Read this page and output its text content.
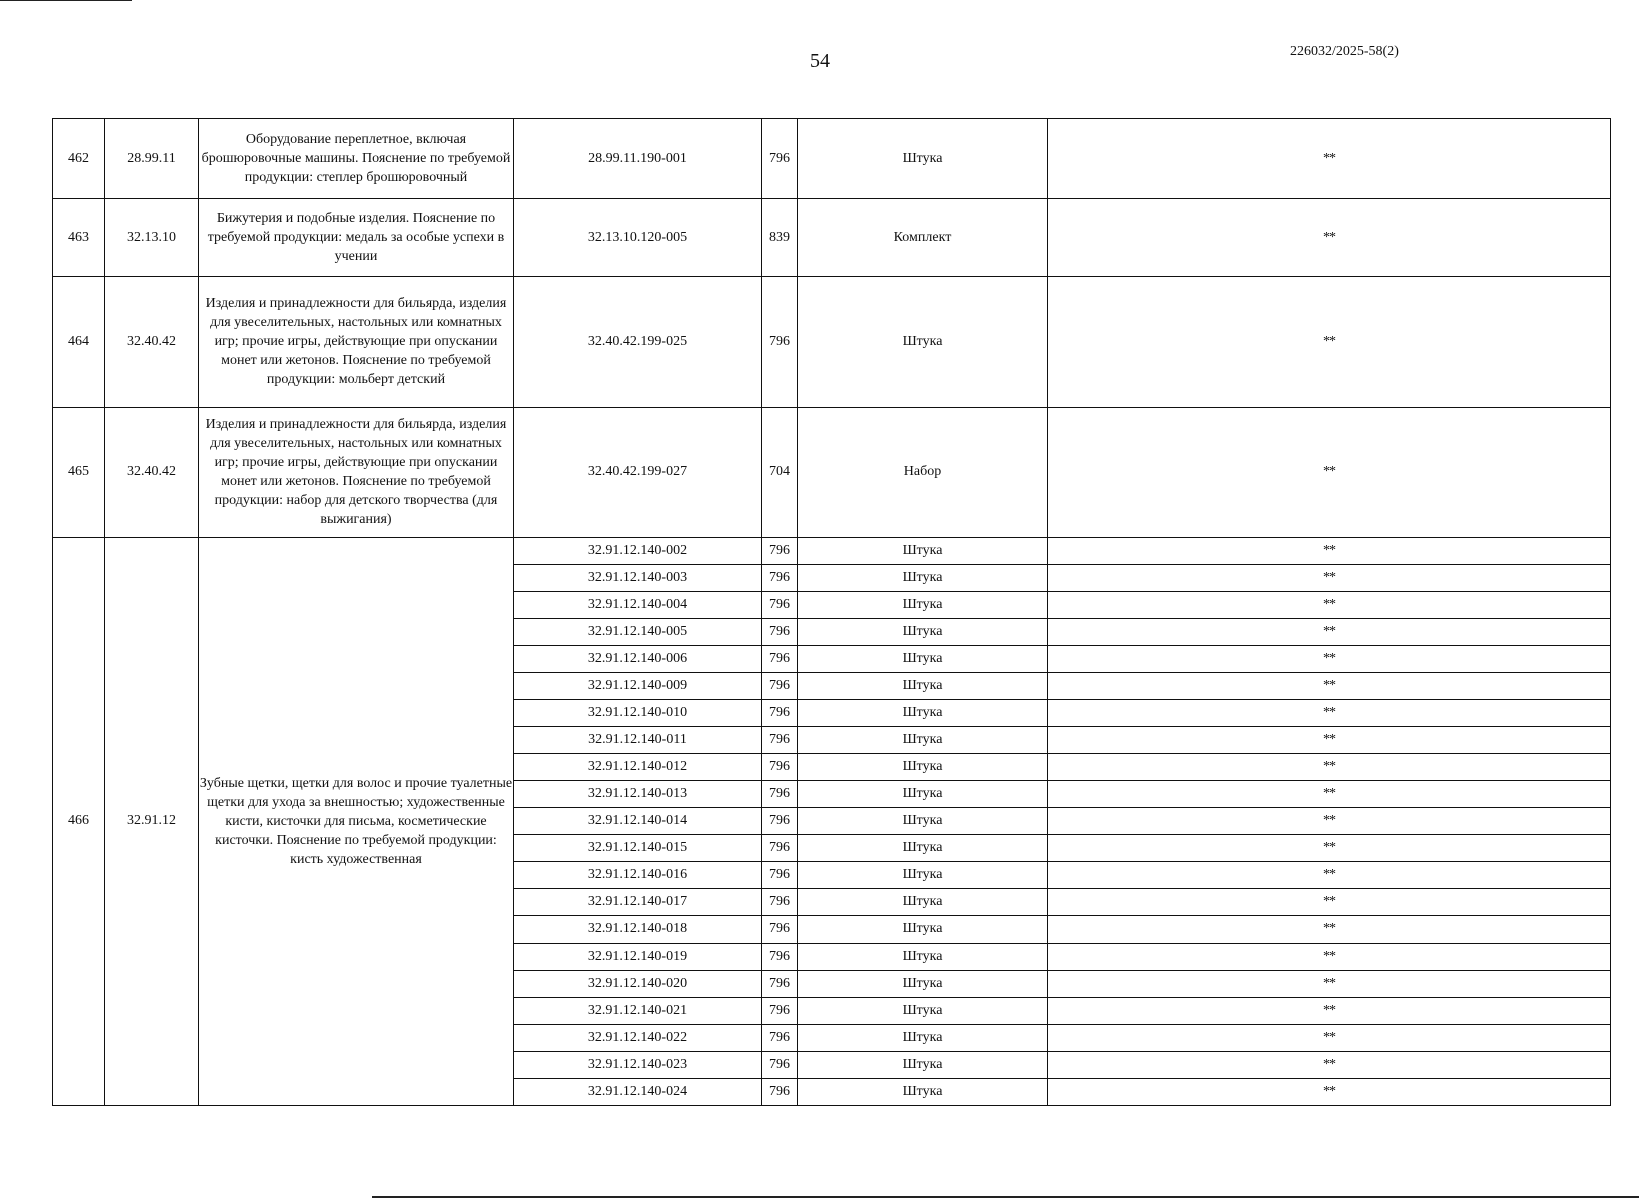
54	226032/2025-58(2)
462	28.99.11	Оборудование переплетное, включая брошюровочные машины. Пояснение по требуемой продукции: степлер брошюровочный	28.99.11.190-001	796	Штука	**
463	32.13.10	Бижутерия и подобные изделия. Пояснение по требуемой продукции: медаль за особые успехи в учении	32.13.10.120-005	839	Комплект	**
464	32.40.42	Изделия и принадлежности для бильярда, изделия для увеселительных, настольных или комнатных игр; прочие игры, действующие при опускании монет или жетонов. Пояснение по требуемой продукции: мольберт детский	32.40.42.199-025	796	Штука	**
465	32.40.42	Изделия и принадлежности для бильярда, изделия для увеселительных, настольных или комнатных игр; прочие игры, действующие при опускании монет или жетонов. Пояснение по требуемой продукции: набор для детского творчества (для выжигания)	32.40.42.199-027	704	Набор	**
466	32.91.12	Зубные щетки, щетки для волос и прочие туалетные щетки для ухода за внешностью; художественные кисти, кисточки для письма, косметические кисточки. Пояснение по требуемой продукции: кисть художественная	32.91.12.140-002	796	Штука	**
			32.91.12.140-003	796	Штука	**
			32.91.12.140-004	796	Штука	**
			32.91.12.140-005	796	Штука	**
			32.91.12.140-006	796	Штука	**
			32.91.12.140-009	796	Штука	**
			32.91.12.140-010	796	Штука	**
			32.91.12.140-011	796	Штука	**
			32.91.12.140-012	796	Штука	**
			32.91.12.140-013	796	Штука	**
			32.91.12.140-014	796	Штука	**
			32.91.12.140-015	796	Штука	**
			32.91.12.140-016	796	Штука	**
			32.91.12.140-017	796	Штука	**
			32.91.12.140-018	796	Штука	**
			32.91.12.140-019	796	Штука	**
			32.91.12.140-020	796	Штука	**
			32.91.12.140-021	796	Штука	**
			32.91.12.140-022	796	Штука	**
			32.91.12.140-023	796	Штука	**
			32.91.12.140-024	796	Штука	**
